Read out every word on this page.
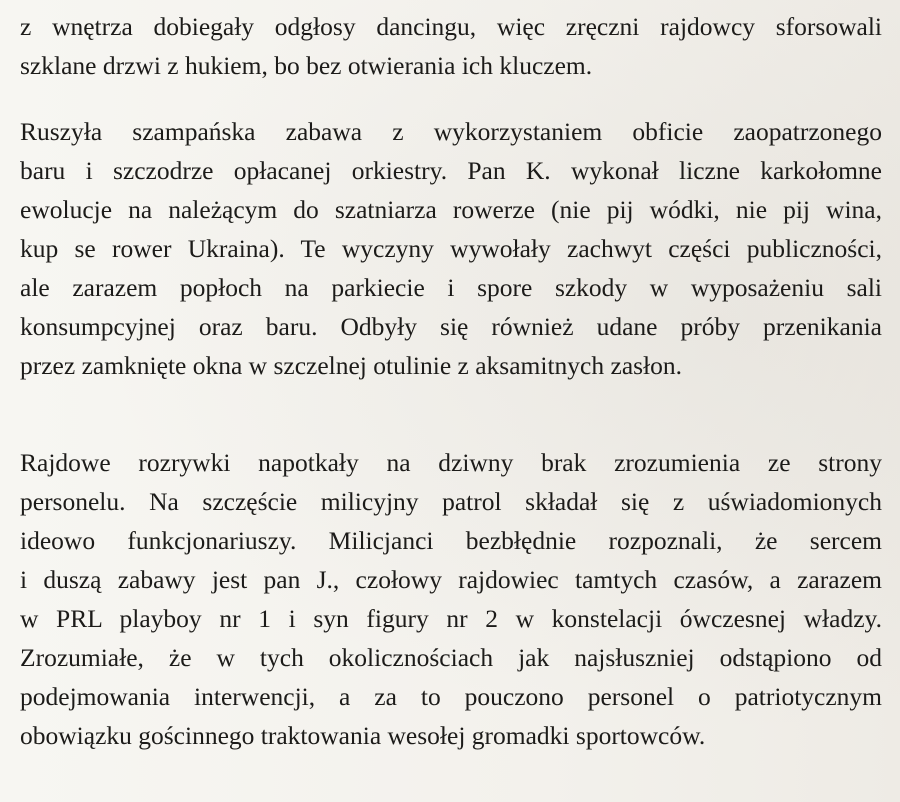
z wnętrza dobiegały odgłosy dancingu, więc zręczni rajdowcy sforsowali

szklane drzwi z hukiem, bo bez otwierania ich kluczem.

Ruszyła szampańska zabawa z wykorzystaniem obficie zaopatrzonego

baru i szczodrze opłacanej orkiestry. Pan K. wykonał liczne karkołomne

ewolucje na należącym do szatniarza rowerze (nie pij wódki, nie pij wina,

kup se rower Ukraina). Te wyczyny wywołały zachwyt części publiczności,

ale zarazem popłoch na parkiecie i spore szkody w wyposażeniu sali

konsumpcyjnej oraz baru. Odbyły się również udane próby przenikania

przez zamknięte okna w szczelnej otulinie z aksamitnych zasłon.

Rajdowe rozrywki napotkały na dziwny brak zrozumienia ze strony

personelu. Na szczęście milicyjny patrol składał się z uświadomionych

ideowo funkcjonariuszy. Milicjanci bezbłędnie rozpoznali, że sercem

i duszą zabawy jest pan J., czołowy rajdowiec tamtych czasów, a zarazem

w PRL playboy nr 1 i syn figury nr 2 w konstelacji ówczesnej władzy.

Zrozumiałe, że w tych okolicznościach jak najsłuszniej odstąpiono od

podejmowania interwencji, a za to pouczono personel o patriotycznym

obowiązku gościnnego traktowania wesołej gromadki sportowców.
